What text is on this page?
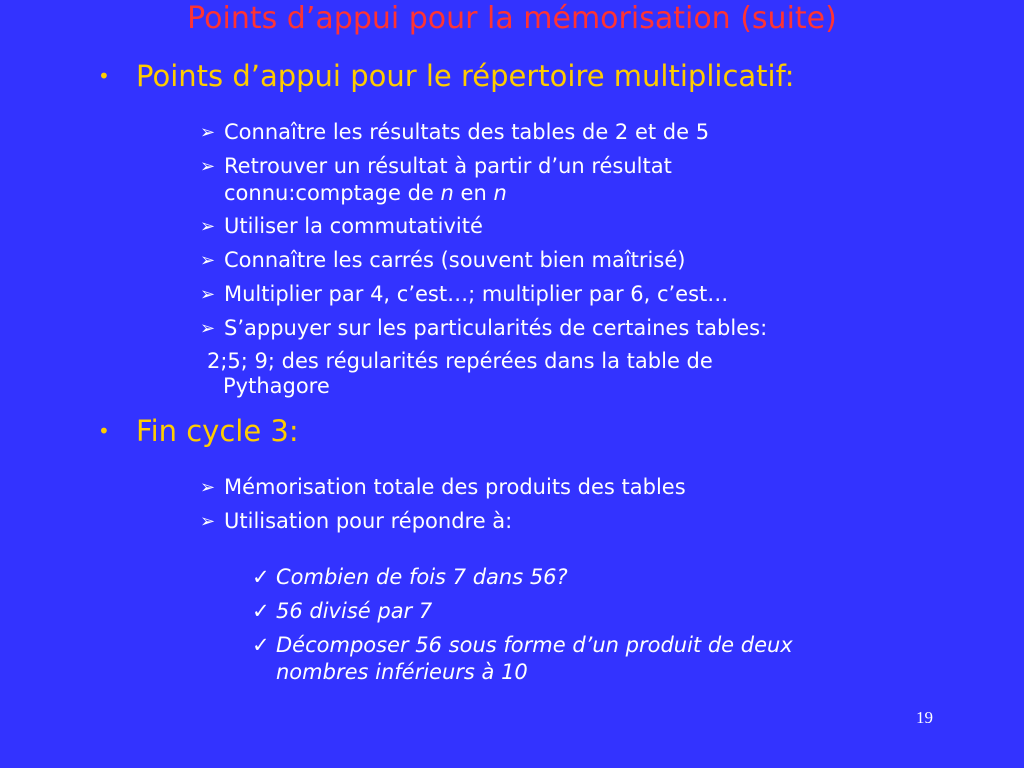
Points d’appui pour la mémorisation (suite)
• Points d’appui pour le répertoire multiplicatif:
➢ Connaître les résultats des tables de 2 et de 5
➢ Retrouver un résultat à partir d’un résultat
connu:comptage de n en n
➢ Utiliser la commutativité
➢ Connaître les carrés (souvent bien maîtrisé)
➢ Multiplier par 4, c’est…; multiplier par 6, c’est…
➢ S’appuyer sur les particularités de certaines tables:
2;5; 9; des régularités repérées dans la table de

Pythagore
• Fin cycle 3:
➢ Mémorisation totale des produits des tables
➢ Utilisation pour répondre à:
✓ Combien de fois 7 dans 56?
✓ 56 divisé par 7
✓ Décomposer 56 sous forme d’un produit de deux
nombres inférieurs à 10
19
